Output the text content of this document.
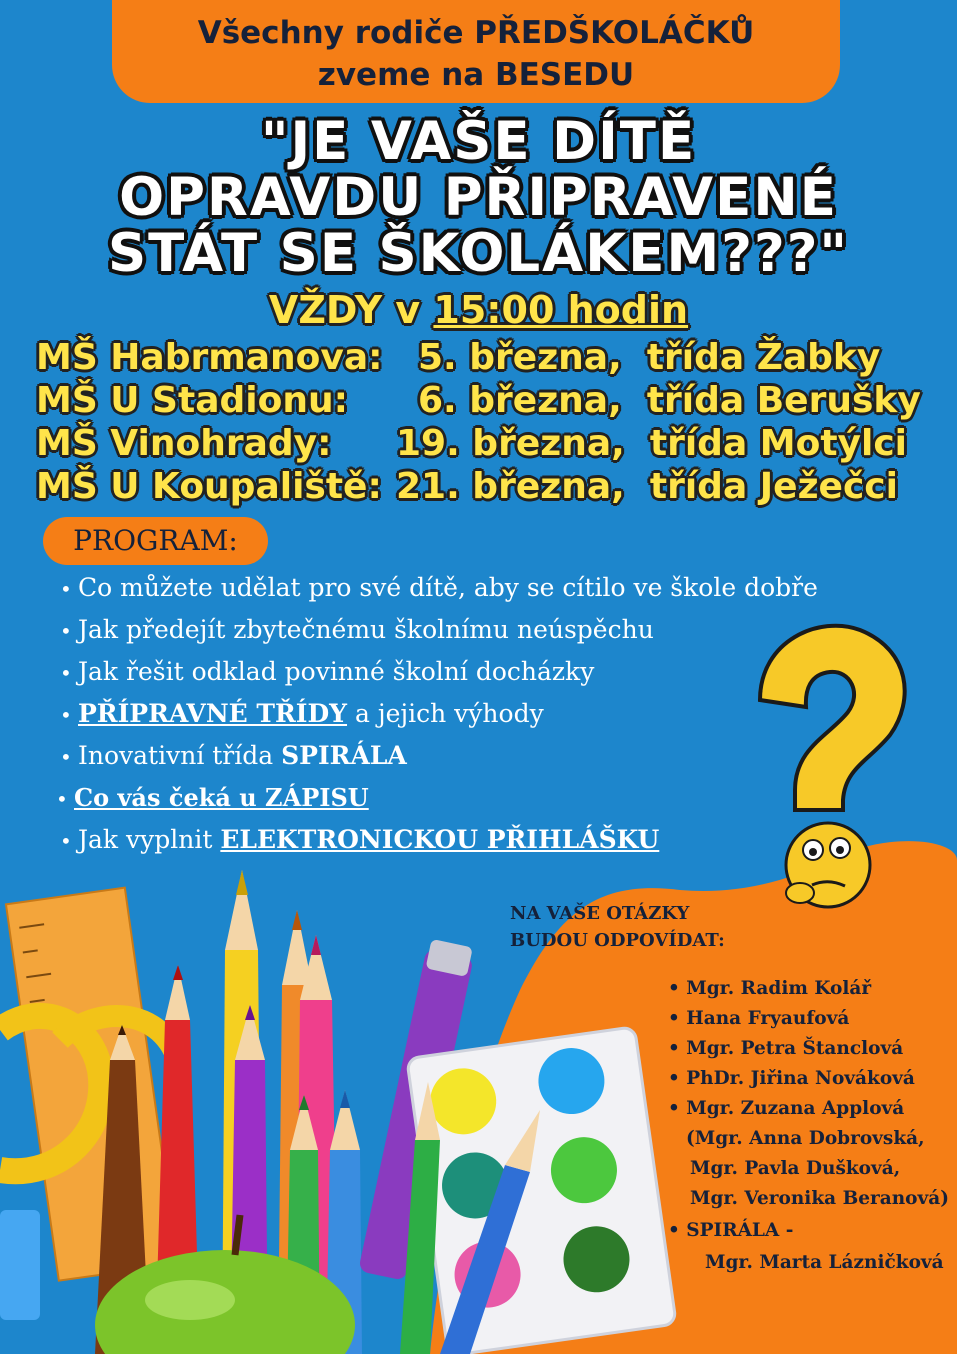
Všechny rodiče PŘEDŠKOLÁČKŮ
zveme na BESEDU
"JE VAŠE DÍTĚ
OPRAVDU PŘIPRAVENÉ
STÁT SE ŠKOLÁKEM???"
VŽDY v 15:00 hodin
MŠ Habrmanova: 5. března, třída Žabky
MŠ U Stadionu: 6. března, třída Berušky
MŠ Vinohrady: 19. března, třída Motýlci
MŠ U Koupaliště: 21. března, třída Ježečci
PROGRAM:
• Co můžete udělat pro své dítě, aby se cítilo ve škole dobře
• Jak předejít zbytečnému školnímu neúspěchu
• Jak řešit odklad povinné školní docházky
• PŘÍPRAVNÉ TŘÍDY a jejich výhody
• Inovativní třída SPIRÁLA
• Co vás čeká u ZÁPISU
• Jak vyplnit ELEKTRONICKOU PŘIHLÁŠKU
NA VAŠE OTÁZKY
BUDOU ODPOVÍDAT:
• Mgr. Radim Kolář
• Hana Fryaufová
• Mgr. Petra Štanclová
• PhDr. Jiřina Nováková
• Mgr. Zuzana Applová
(Mgr. Anna Dobrovská,
Mgr. Pavla Dušková,
Mgr. Veronika Beranová)
• SPIRÁLA -
Mgr. Marta Lázničková
